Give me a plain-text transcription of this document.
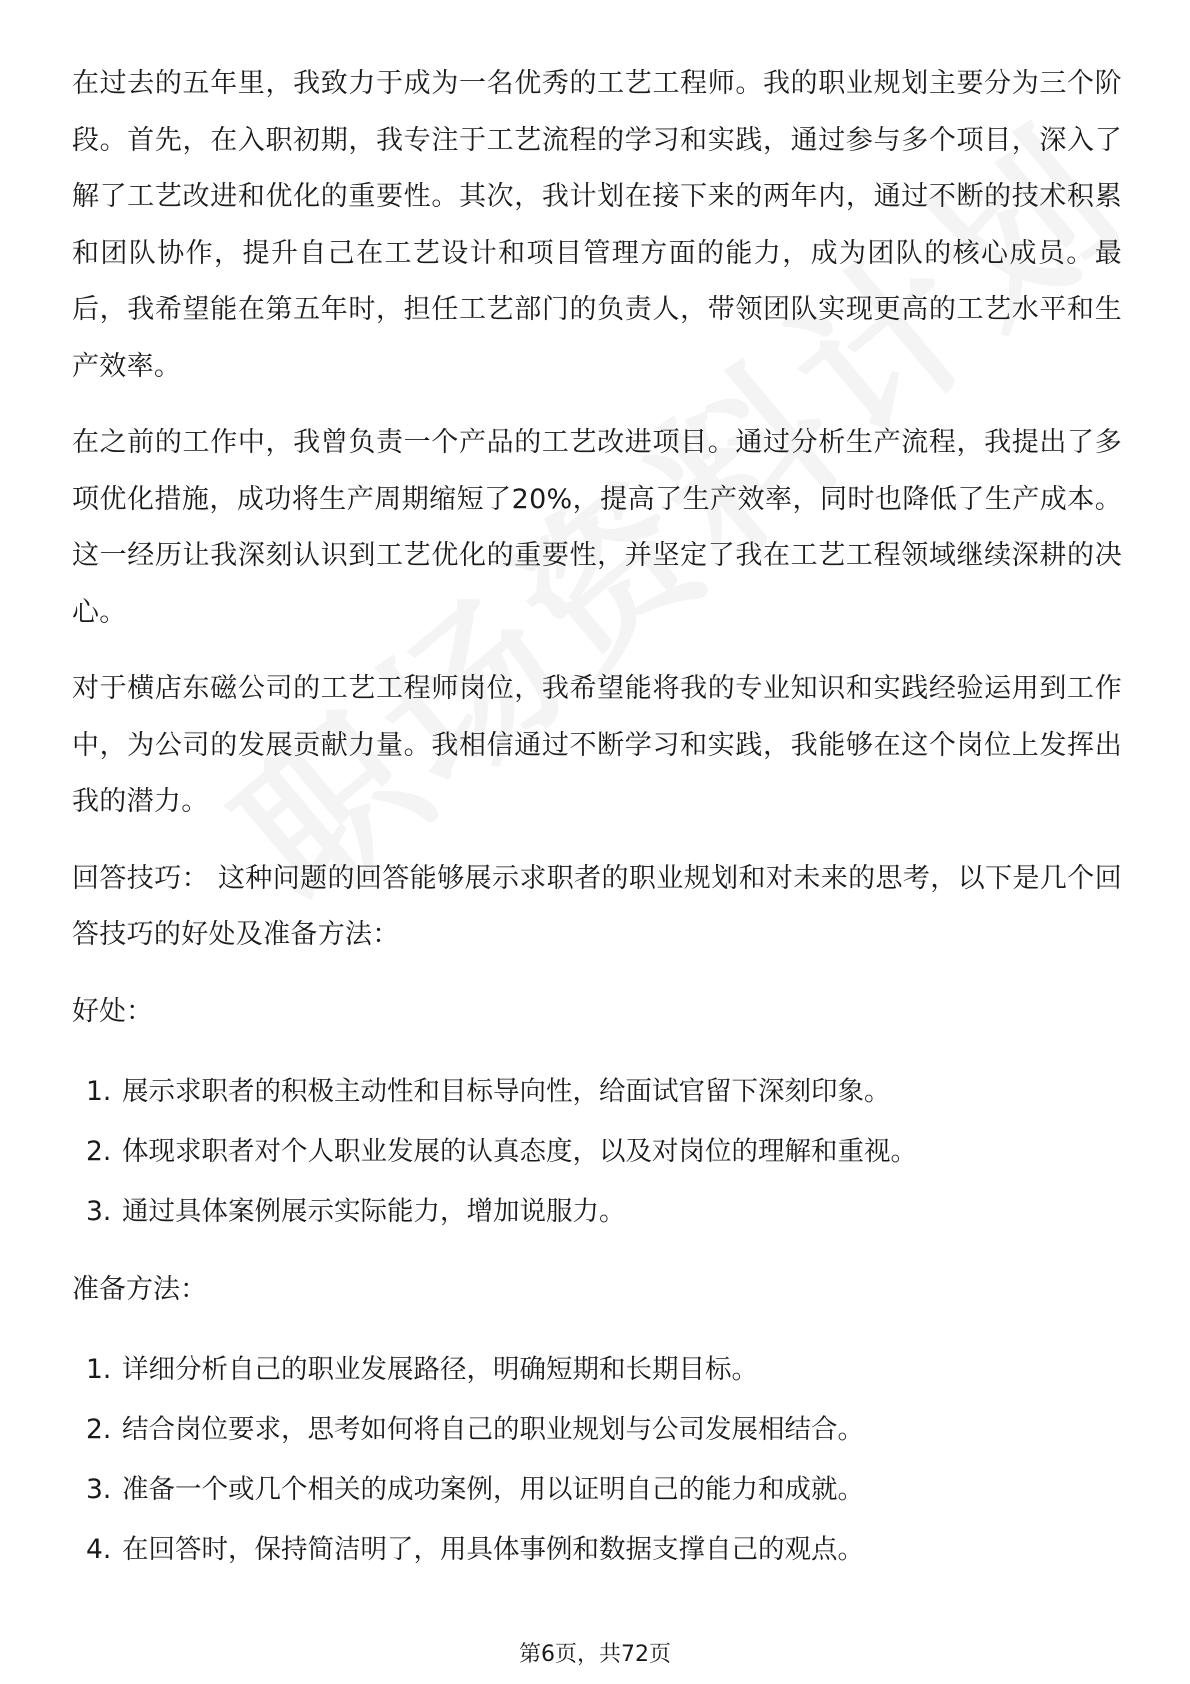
在过去的五年里，我致力于成为一名优秀的工艺工程师。我的职业规划主要分为三个阶段。首先，在入职初期，我专注于工艺流程的学习和实践，通过参与多个项目，深入了解了工艺改进和优化的重要性。其次，我计划在接下来的两年内，通过不断的技术积累和团队协作，提升自己在工艺设计和项目管理方面的能力，成为团队的核心成员。最后，我希望能在第五年时，担任工艺部门的负责人，带领团队实现更高的工艺水平和生产效率。

在之前的工作中，我曾负责一个产品的工艺改进项目。通过分析生产流程，我提出了多项优化措施，成功将生产周期缩短了20%，提高了生产效率，同时也降低了生产成本。这一经历让我深刻认识到工艺优化的重要性，并坚定了我在工艺工程领域继续深耕的决心。

对于横店东磁公司的工艺工程师岗位，我希望能将我的专业知识和实践经验运用到工作中，为公司的发展贡献力量。我相信通过不断学习和实践，我能够在这个岗位上发挥出我的潜力。

回答技巧： 这种问题的回答能够展示求职者的职业规划和对未来的思考，以下是几个回答技巧的好处及准备方法：

好处：

1. 展示求职者的积极主动性和目标导向性，给面试官留下深刻印象。
2. 体现求职者对个人职业发展的认真态度，以及对岗位的理解和重视。
3. 通过具体案例展示实际能力，增加说服力。

准备方法：

1. 详细分析自己的职业发展路径，明确短期和长期目标。
2. 结合岗位要求，思考如何将自己的职业规划与公司发展相结合。
3. 准备一个或几个相关的成功案例，用以证明自己的能力和成就。
4. 在回答时，保持简洁明了，用具体事例和数据支撑自己的观点。
第6页，共72页
